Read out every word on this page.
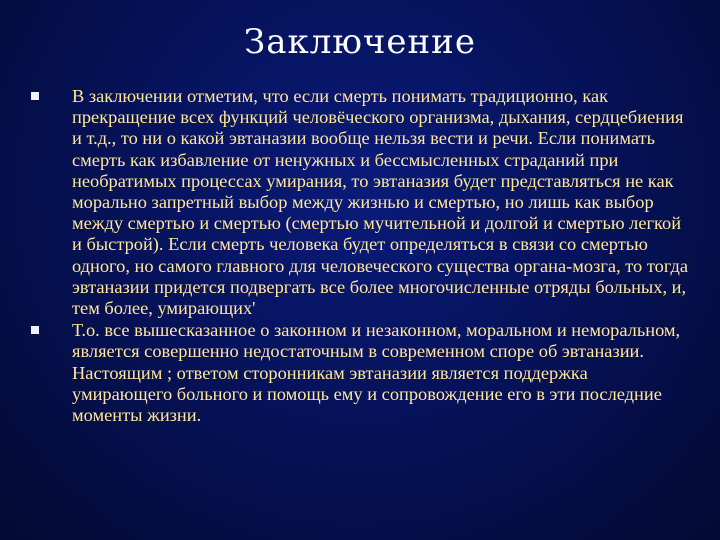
Заключение
В заключении отметим, что если смерть понимать традиционно, как прекращение всех функций человёческого организма, дыхания, сердцебиения и т.д., то ни о какой эвтаназии вообще нельзя вести и речи. Если понимать смерть как избавление от ненужных и бессмысленных страданий при необратимых процессах умирания, то эвтаназия будет представляться не как морально запретный выбор между жизнью и смертью, но лишь как выбор между смертью и смертью (смертью мучительной и долгой и смертью легкой и быстрой). Если смерть человека будет определяться в связи со смертью одного, но самого главного для человеческого существа органа-мозга, то тогда эвтаназии придется подвергать все более многочисленные отряды больных, и, тем более, умирающих'
Т.о. все вышесказанное о законном и незаконном, моральном и неморальном, является совершенно недостаточным в современном споре об эвтаназии. Настоящим ; ответом сторонникам эвтаназии является поддержка умирающего больного и помощь ему и сопровождение его в эти последние моменты жизни.
